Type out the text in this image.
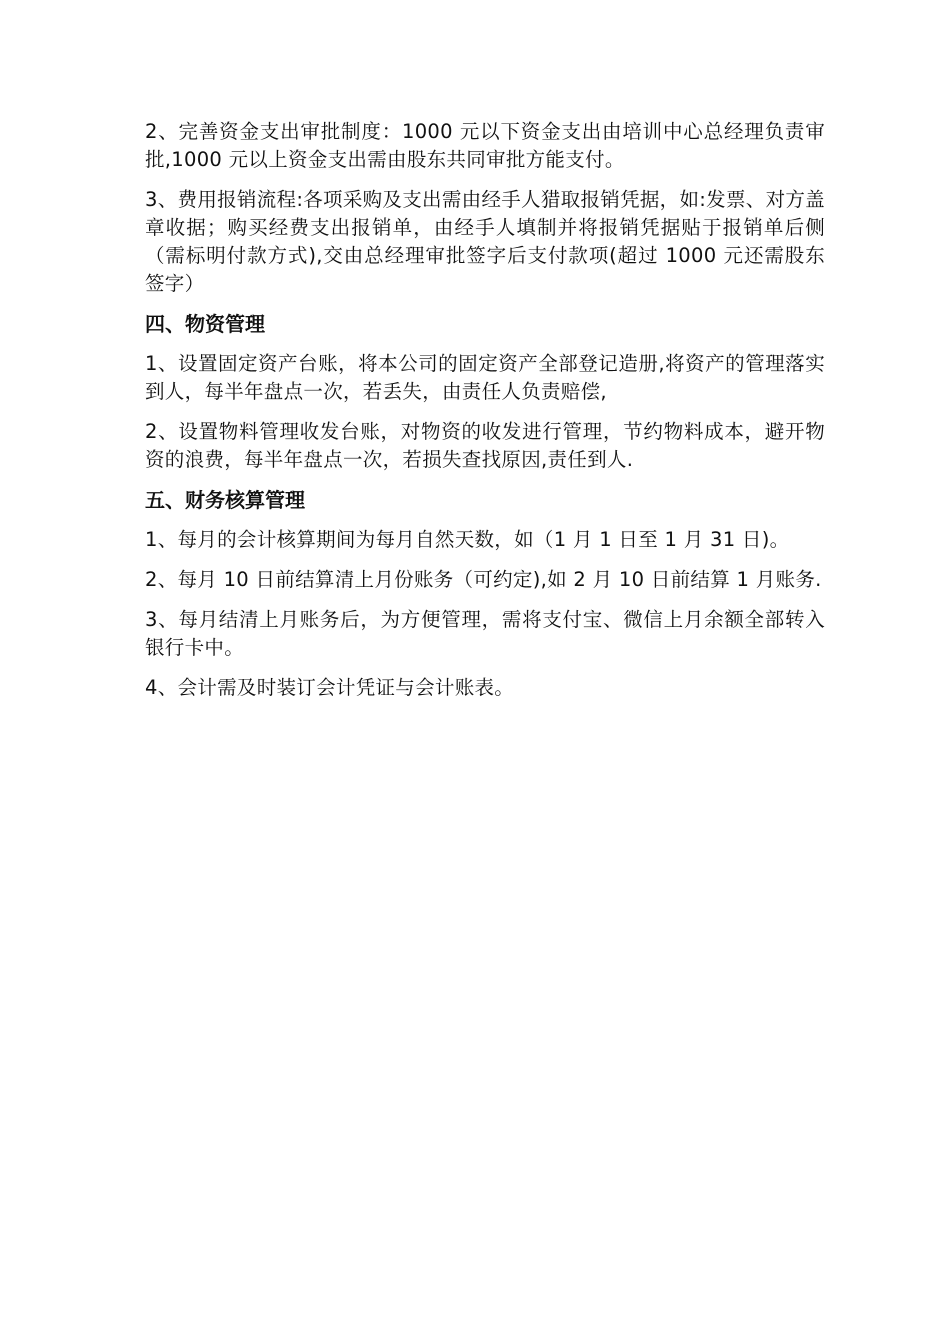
2、完善资金支出审批制度：1000 元以下资金支出由培训中心总经理负责审批,1000 元以上资金支出需由股东共同审批方能支付。

3、费用报销流程:各项采购及支出需由经手人猎取报销凭据，如:发票、对方盖章收据；购买经费支出报销单，由经手人填制并将报销凭据贴于报销单后侧（需标明付款方式),交由总经理审批签字后支付款项(超过 1000 元还需股东签字）

四、物资管理

1、设置固定资产台账，将本公司的固定资产全部登记造册,将资产的管理落实到人，每半年盘点一次，若丢失，由责任人负责赔偿,

2、设置物料管理收发台账，对物资的收发进行管理，节约物料成本，避开物资的浪费，每半年盘点一次，若损失查找原因,责任到人.

五、财务核算管理

1、每月的会计核算期间为每月自然天数，如（1 月 1 日至 1 月 31 日)。

2、每月 10 日前结算清上月份账务（可约定),如 2 月 10 日前结算 1 月账务.

3、每月结清上月账务后，为方便管理，需将支付宝、微信上月余额全部转入银行卡中。

4、会计需及时装订会计凭证与会计账表。
